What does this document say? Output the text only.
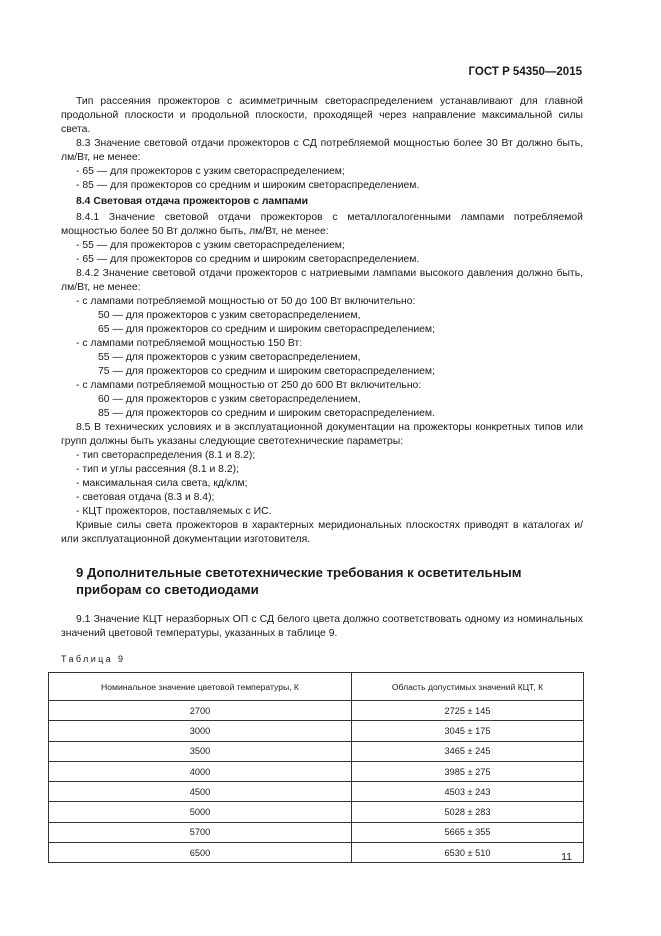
ГОСТ Р 54350—2015

Тип рассеяния прожекторов с асимметричным светораспределением устанавливают для главной продольной плоскости и продольной плоскости, проходящей через направление максимальной силы света.

8.3 Значение световой отдачи прожекторов с СД потребляемой мощностью более 30 Вт должно быть, лм/Вт, не менее:

- 65 — для прожекторов с узким светораспределением;

- 85 — для прожекторов со средним и широким светораспределением.

8.4 Световая отдача прожекторов с лампами

8.4.1 Значение световой отдачи прожекторов с металлогалогенными лампами потребляемой мощностью более 50 Вт должно быть, лм/Вт, не менее:

- 55 — для прожекторов с узким светораспределением;

- 65 — для прожекторов со средним и широким светораспределением.

8.4.2 Значение световой отдачи прожекторов с натриевыми лампами высокого давления должно быть, лм/Вт, не менее:

- с лампами потребляемой мощностью от 50 до 100 Вт включительно:

50 — для прожекторов с узким светораспределением,

65 — для прожекторов со средним и широким светораспределением;

- с лампами потребляемой мощностью 150 Вт:

55 — для прожекторов с узким светораспределением,

75 — для прожекторов со средним и широким светораспределением;

- с лампами потребляемой мощностью от 250 до 600 Вт включительно:

60 — для прожекторов с узким светораспределением,

85 — для прожекторов со средним и широким светораспределением.

8.5 В технических условиях и в эксплуатационной документации на прожекторы конкретных типов или групп должны быть указаны следующие светотехнические параметры:

- тип светораспределения (8.1 и 8.2);

- тип и углы рассеяния (8.1 и 8.2);

- максимальная сила света, кд/клм;

- световая отдача (8.3 и 8.4);

- КЦТ прожекторов, поставляемых с ИС.

Кривые силы света прожекторов в характерных меридиональных плоскостях приводят в каталогах и/или эксплуатационной документации изготовителя.

9 Дополнительные светотехнические требования к осветительным приборам со светодиодами

9.1 Значение КЦТ неразборных ОП с СД белого цвета должно соответствовать одному из номинальных значений цветовой температуры, указанных в таблице 9.

Таблица 9
Номинальное значение цветовой температуры, К	Область допустимых значений КЦТ, К
2700	2725 ± 145
3000	3045 ± 175
3500	3465 ± 245
4000	3985 ± 275
4500	4503 ± 243
5000	5028 ± 283
5700	5665 ± 355
6500	6530 ± 510	11
